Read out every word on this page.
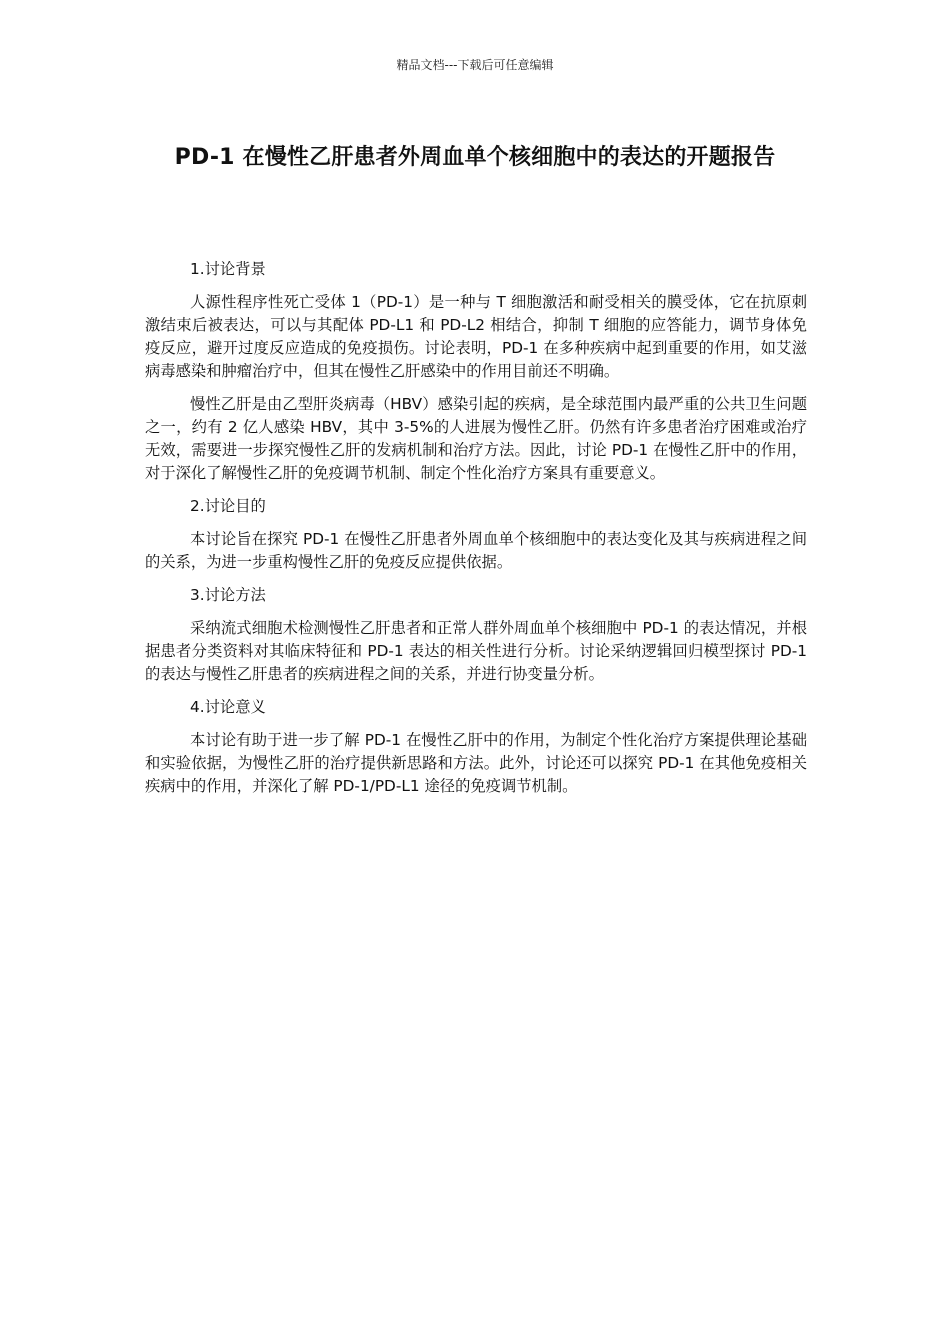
精品文档---下载后可任意编辑
PD-1 在慢性乙肝患者外周血单个核细胞中的表达的开题报告
1.讨论背景

人源性程序性死亡受体 1（PD-1）是一种与 T 细胞激活和耐受相关的膜受体，它在抗原刺激结束后被表达，可以与其配体 PD-L1 和 PD-L2 相结合，抑制 T 细胞的应答能力，调节身体免疫反应，避开过度反应造成的免疫损伤。讨论表明，PD-1 在多种疾病中起到重要的作用，如艾滋病毒感染和肿瘤治疗中，但其在慢性乙肝感染中的作用目前还不明确。

慢性乙肝是由乙型肝炎病毒（HBV）感染引起的疾病，是全球范围内最严重的公共卫生问题之一，约有 2 亿人感染 HBV，其中 3-5%的人进展为慢性乙肝。仍然有许多患者治疗困难或治疗无效，需要进一步探究慢性乙肝的发病机制和治疗方法。因此，讨论 PD-1 在慢性乙肝中的作用，对于深化了解慢性乙肝的免疫调节机制、制定个性化治疗方案具有重要意义。

2.讨论目的

本讨论旨在探究 PD-1 在慢性乙肝患者外周血单个核细胞中的表达变化及其与疾病进程之间的关系，为进一步重构慢性乙肝的免疫反应提供依据。

3.讨论方法

采纳流式细胞术检测慢性乙肝患者和正常人群外周血单个核细胞中 PD-1 的表达情况，并根据患者分类资料对其临床特征和 PD-1 表达的相关性进行分析。讨论采纳逻辑回归模型探讨 PD-1 的表达与慢性乙肝患者的疾病进程之间的关系，并进行协变量分析。

4.讨论意义

本讨论有助于进一步了解 PD-1 在慢性乙肝中的作用，为制定个性化治疗方案提供理论基础和实验依据，为慢性乙肝的治疗提供新思路和方法。此外，讨论还可以探究 PD-1 在其他免疫相关疾病中的作用，并深化了解 PD-1/PD-L1 途径的免疫调节机制。
